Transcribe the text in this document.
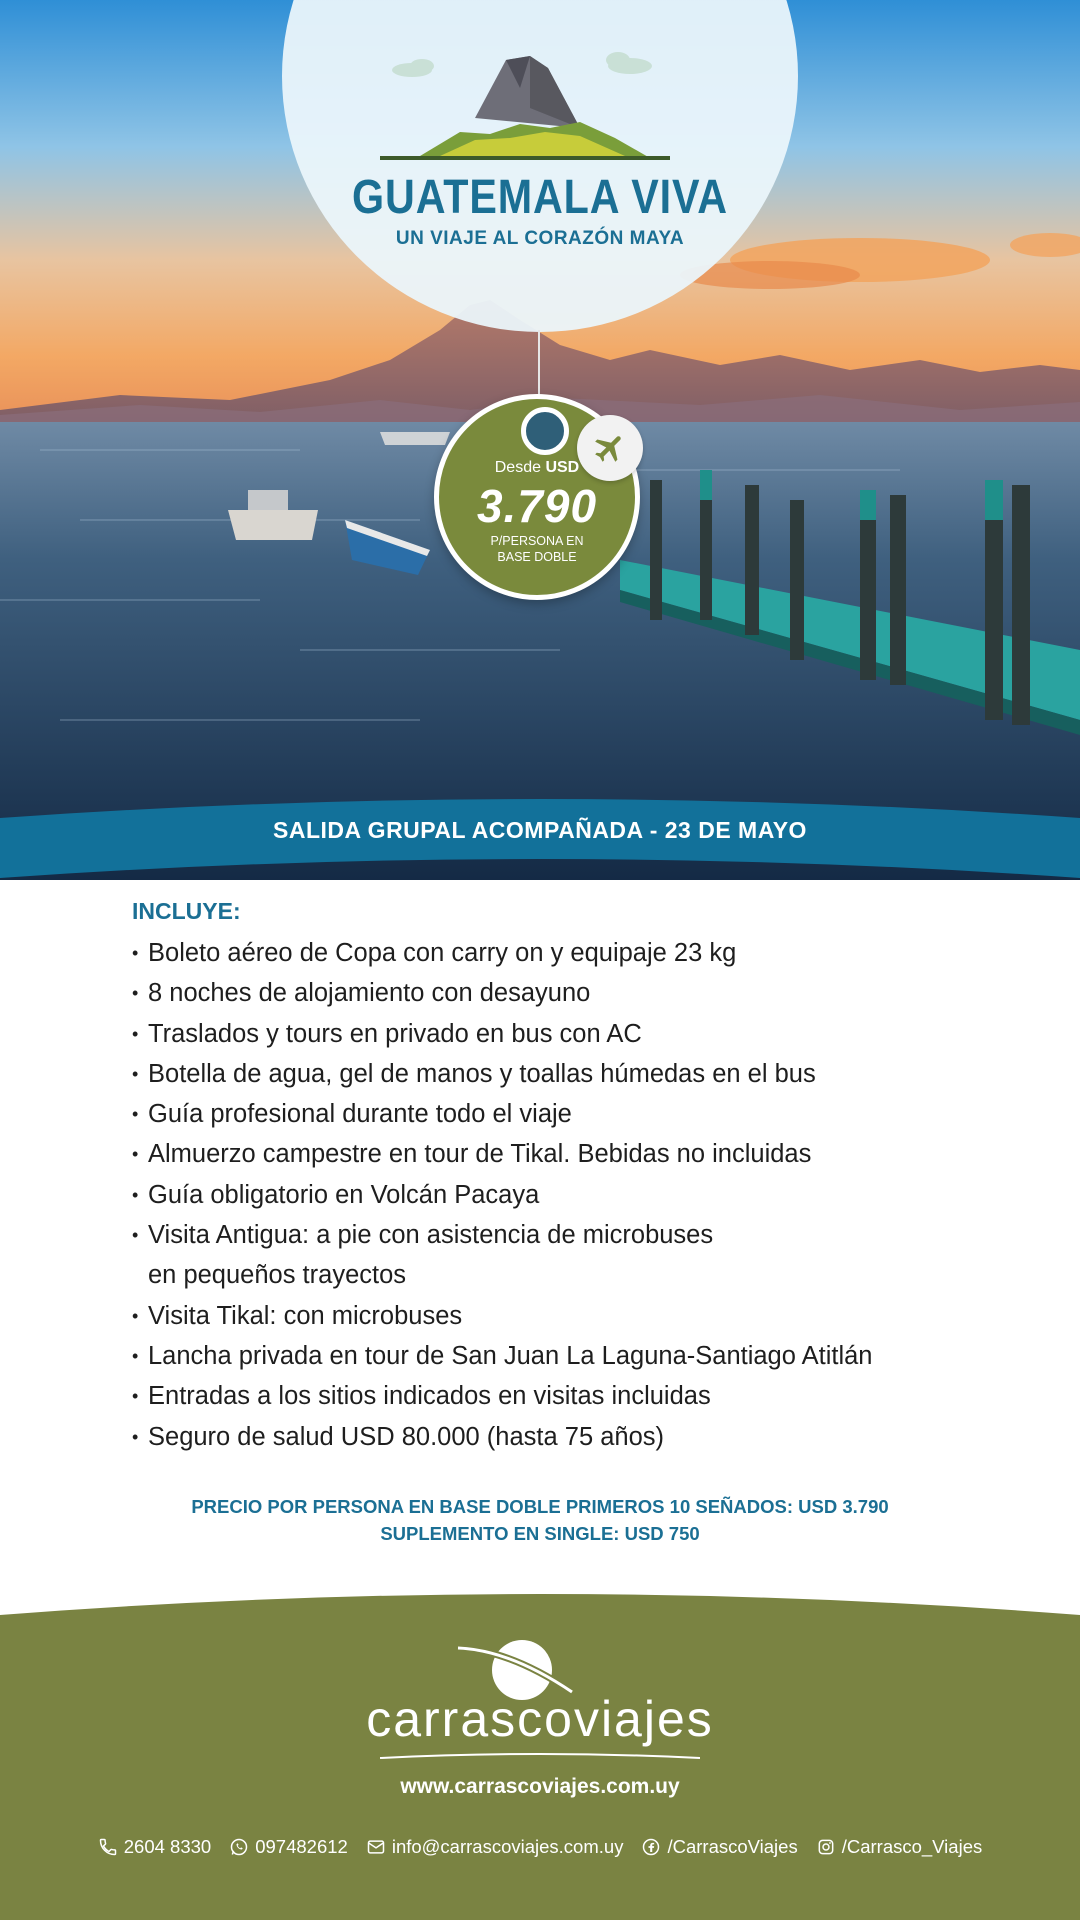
GUATEMALA VIVA
UN VIAJE AL CORAZÓN MAYA
Desde USD
3.790
P/PERSONA EN
BASE DOBLE
SALIDA GRUPAL ACOMPAÑADA - 23 DE MAYO
INCLUYE:
• Boleto aéreo de Copa con carry on y equipaje 23 kg
• 8 noches de alojamiento con desayuno
• Traslados y tours en privado en bus con AC
• Botella de agua, gel de manos y toallas húmedas en el bus
• Guía profesional durante todo el viaje
• Almuerzo campestre en tour de Tikal. Bebidas no incluidas
• Guía obligatorio en Volcán Pacaya
• Visita Antigua: a pie con asistencia de microbuses
en pequeños trayectos
• Visita Tikal: con microbuses
• Lancha privada en tour de San Juan La Laguna-Santiago Atitlán
• Entradas a los sitios indicados en visitas incluidas
• Seguro de salud USD 80.000 (hasta 75 años)
PRECIO POR PERSONA EN BASE DOBLE PRIMEROS 10 SEÑADOS: USD 3.790
SUPLEMENTO EN SINGLE: USD 750
carrascoviajes
www.carrascoviajes.com.uy
2604 8330 097482612 info@carrascoviajes.com.uy /CarrascoViajes /Carrasco_Viajes
